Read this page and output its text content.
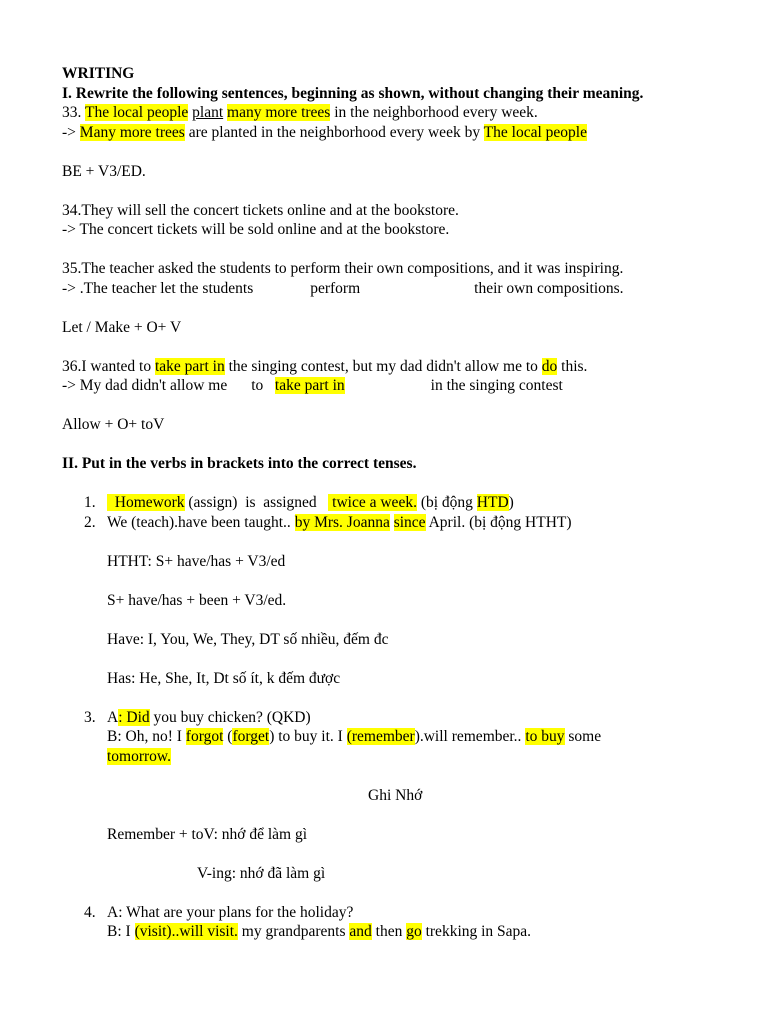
WRITING
I. Rewrite the following sentences, beginning as shown, without changing their meaning.
33. The local people plant many more trees in the neighborhood every week.
-> Many more trees are planted in the neighborhood every week by The local people
BE + V3/ED.
34.They will sell the concert tickets online and at the bookstore.
-> The concert tickets will be sold online and at the bookstore.
35.The teacher asked the students to perform their own compositions, and it was inspiring.
-> .The teacher let the students	perform	their own compositions.
Let / Make + O+ V
36.I wanted to take part in the singing contest, but my dad didn't allow me to do this.
-> My dad didn't allow me to take part in	in the singing contest
Allow + O+ toV
II. Put in the verbs in brackets into the correct tenses.
1. Homework (assign)  is  assigned    twice a week. (bị động HTD)
2. We (teach).have been taught.. by Mrs. Joanna since April. (bị động HTHT)
HTHT: S+ have/has + V3/ed
S+ have/has + been + V3/ed.
Have: I, You, We, They, DT số nhiều, đếm đc
Has: He, She, It, Dt số ít, k đếm được
3. A: Did you buy chicken? (QKD)
B: Oh, no! I forgot (forget) to buy it. I (remember).will remember.. to buy some
tomorrow.
Ghi Nhớ
Remember + toV: nhớ để làm gì
V-ing: nhớ đã làm gì
4. A: What are your plans for the holiday?
B: I (visit)..will visit. my grandparents and then go trekking in Sapa.
